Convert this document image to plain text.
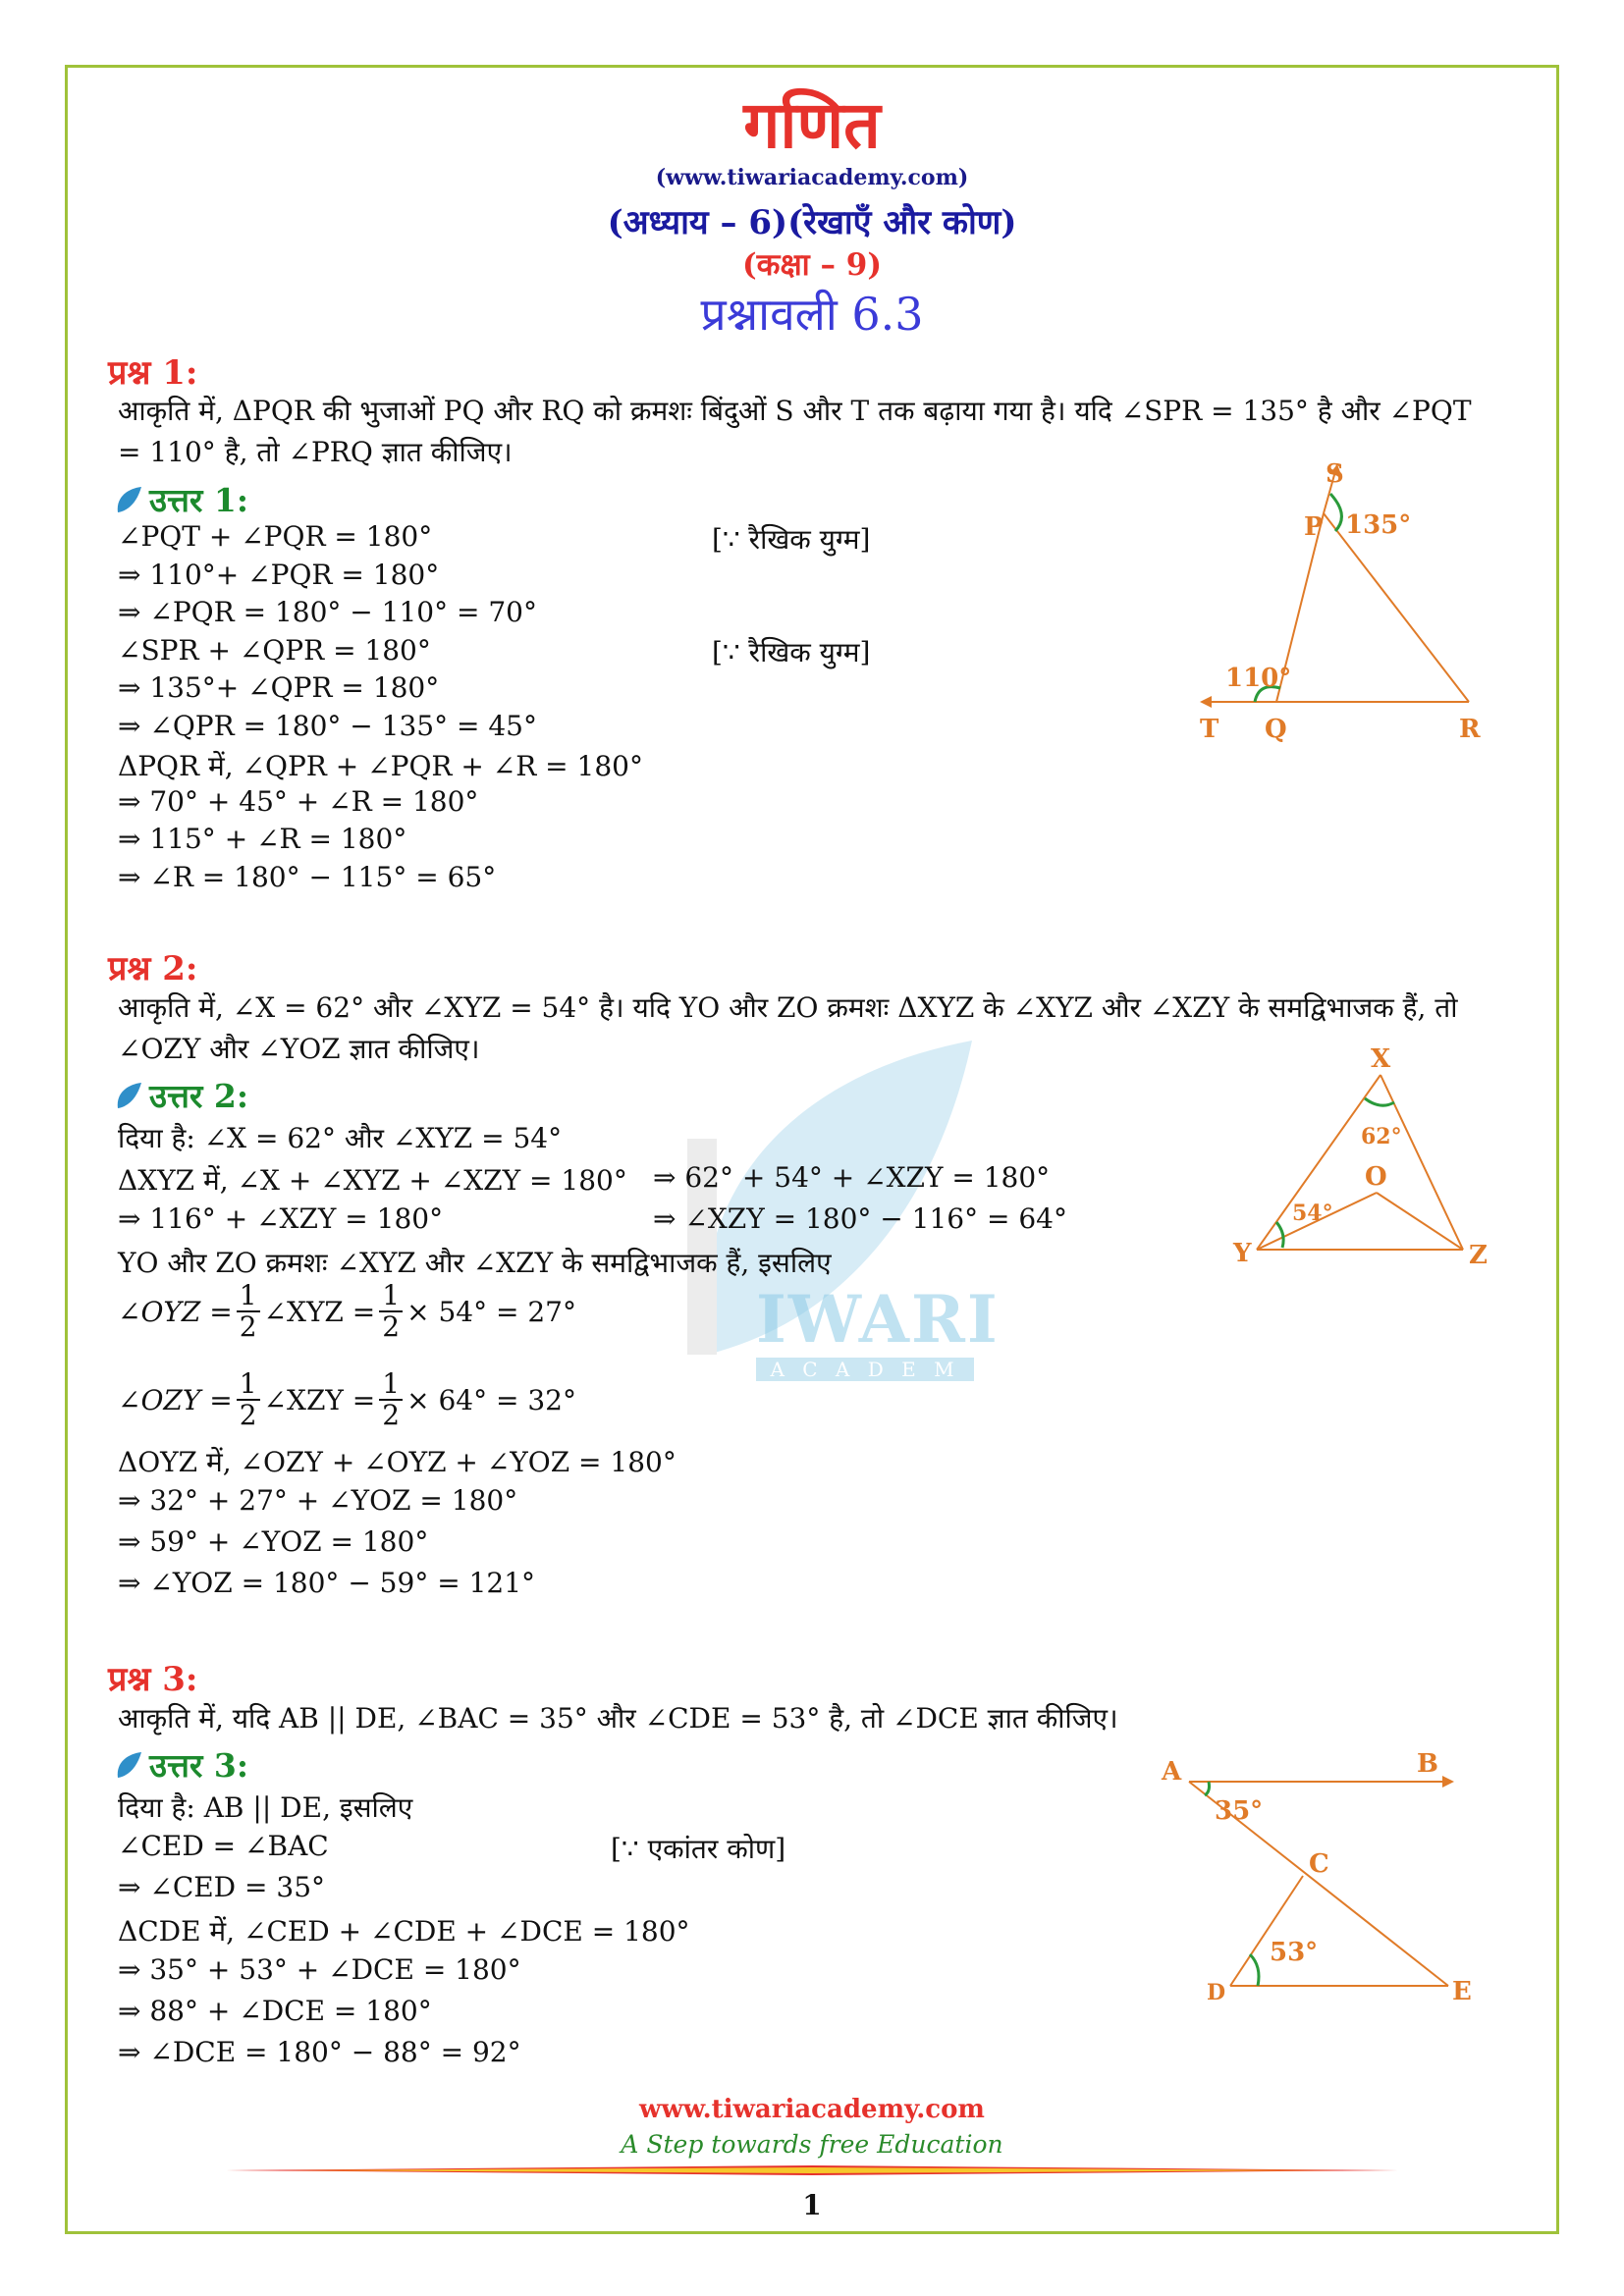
IWARI
A C A D E M Y
गणित
(www.tiwariacademy.com)
(अध्याय – 6)(रेखाएँ और कोण)
(कक्षा – 9)
प्रश्नावली 6.3
प्रश्न 1:
आकृति में, ΔPQR की भुजाओं PQ और RQ को क्रमशः बिंदुओं S और T तक बढ़ाया गया है। यदि ∠SPR = 135° है और ∠PQT
= 110° है, तो ∠PRQ ज्ञात कीजिए।
उत्तर 1:
∠PQT + ∠PQR = 180°
⇒ 110°+ ∠PQR = 180°
⇒ ∠PQR = 180° − 110° = 70°
∠SPR + ∠QPR = 180°
⇒ 135°+ ∠QPR = 180°
⇒ ∠QPR = 180° − 135° = 45°
ΔPQR में, ∠QPR + ∠PQR + ∠R = 180°
⇒ 70° + 45° + ∠R = 180°
⇒ 115° + ∠R = 180°
⇒ ∠R = 180° − 115° = 65°
[∵ रैखिक युग्म]
[∵ रैखिक युग्म]
S
P
T Q	R
135°
110°
प्रश्न 2:
आकृति में, ∠X = 62° और ∠XYZ = 54° है। यदि YO और ZO क्रमशः ΔXYZ के ∠XYZ और ∠XZY के समद्विभाजक हैं, तो
∠OZY और ∠YOZ ज्ञात कीजिए।
उत्तर 2:
दिया है: ∠X = 62° और ∠XYZ = 54°
ΔXYZ में, ∠X + ∠XYZ + ∠XZY = 180° ⇒ 62° + 54° + ∠XZY = 180°
⇒ 116° + ∠XZY = 180°	⇒ ∠XZY = 180° − 116° = 64°
YO और ZO क्रमशः ∠XYZ और ∠XZY के समद्विभाजक हैं, इसलिए
∠OYZ = $\frac{1}{2}$ ∠XYZ = $\frac{1}{2} \times 54^\circ = 27^\circ$
∠OZY = $\frac{1}{2}$ ∠XZY = $\frac{1}{2} \times 64^\circ = 32^\circ$
ΔOYZ में, ∠OZY + ∠OYZ + ∠YOZ = 180°
⇒ 32° + 27° + ∠YOZ = 180°
⇒ 59° + ∠YOZ = 180°
⇒ ∠YOZ = 180° − 59° = 121°
X
62°
O
54°
Y	Z
प्रश्न 3:
आकृति में, यदि AB || DE, ∠BAC = 35° और ∠CDE = 53° है, तो ∠DCE ज्ञात कीजिए।
उत्तर 3:
दिया है: AB || DE, इसलिए
∠CED = ∠BAC
⇒ ∠CED = 35°
ΔCDE में, ∠CED + ∠CDE + ∠DCE = 180°
⇒ 35° + 53° + ∠DCE = 180°
⇒ 88° + ∠DCE = 180°
⇒ ∠DCE = 180° − 88° = 92°
[∵ एकांतर कोण]
A	B
35°
C
53°
D	E
www.tiwariacademy.com
A Step towards free Education
1
